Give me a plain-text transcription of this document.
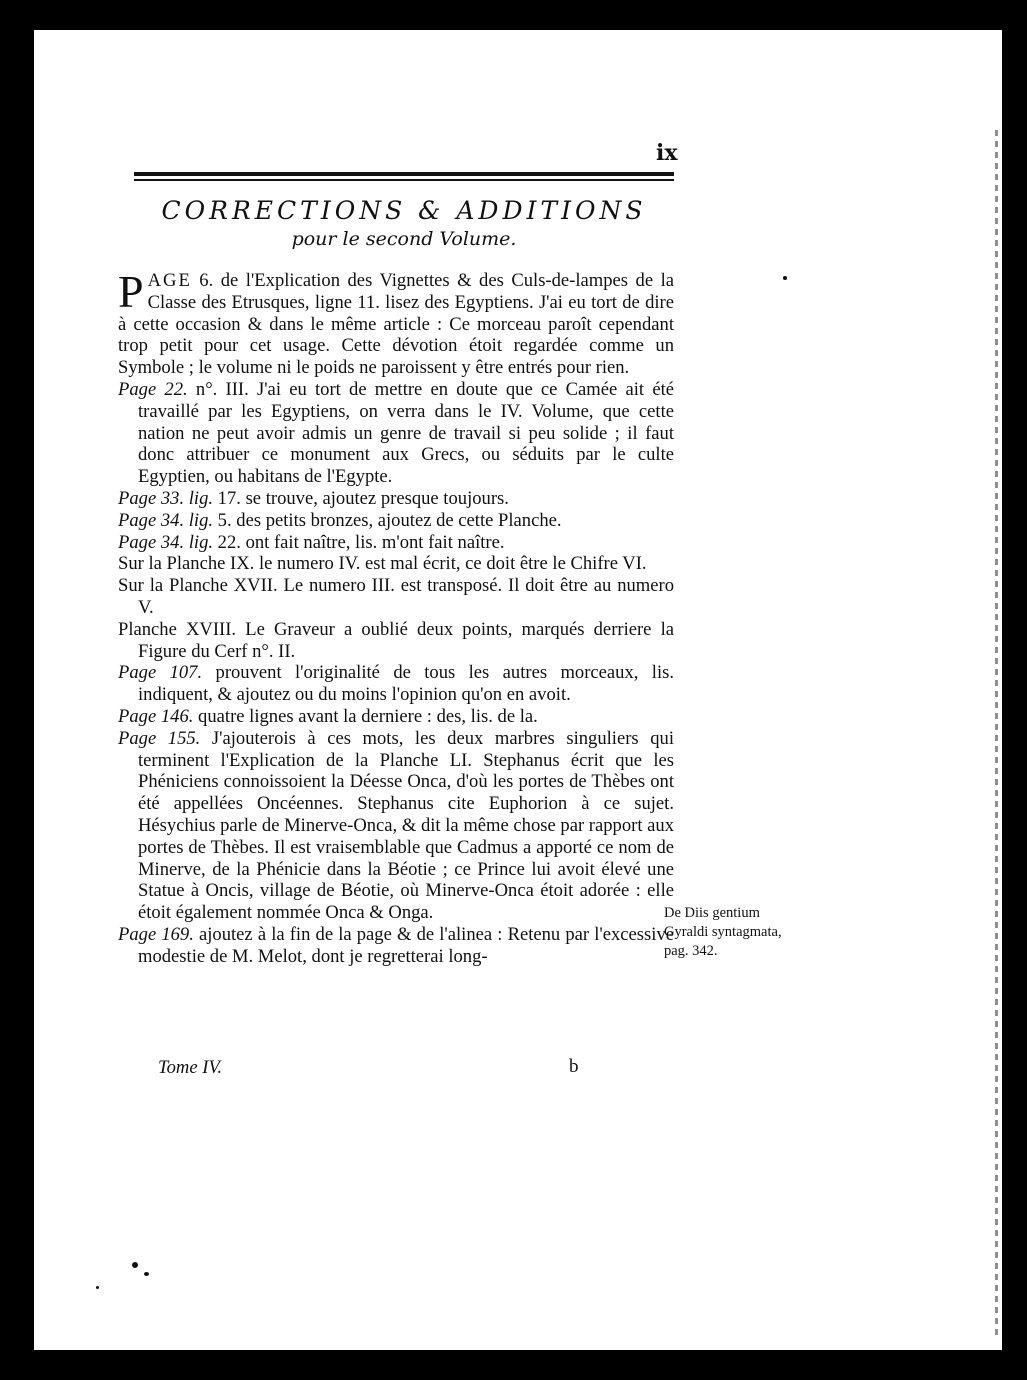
ix
CORRECTIONS & ADDITIONS
pour le second Volume.

PAGE 6. de l'Explication des Vignettes & des Culs-de-lampes de la Classe des Etrusques, ligne 11. lisez des Egyptiens. J'ai eu tort de dire à cette occasion & dans le même article : Ce morceau paroît cependant trop petit pour cet usage. Cette dévotion étoit regardée comme un Symbole ; le volume ni le poids ne paroissent y être entrés pour rien.

Page 22. n°. III. J'ai eu tort de mettre en doute que ce Camée ait été travaillé par les Egyptiens, on verra dans le IV. Volume, que cette nation ne peut avoir admis un genre de travail si peu solide ; il faut donc attribuer ce monument aux Grecs, ou séduits par le culte Egyptien, ou habitans de l'Egypte.

Page 33. lig. 17. se trouve, ajoutez presque toujours.

Page 34. lig. 5. des petits bronzes, ajoutez de cette Planche.

Page 34. lig. 22. ont fait naître, lis. m'ont fait naître.

Sur la Planche IX. le numero IV. est mal écrit, ce doit être le Chifre VI.

Sur la Planche XVII. Le numero III. est transposé. Il doit être au numero V.

Planche XVIII. Le Graveur a oublié deux points, marqués derriere la Figure du Cerf n°. II.

Page 107. prouvent l'originalité de tous les autres morceaux, lis. indiquent, & ajoutez ou du moins l'opinion qu'on en avoit.

Page 146. quatre lignes avant la derniere : des, lis. de la.

Page 155. J'ajouterois à ces mots, les deux marbres singuliers qui terminent l'Explication de la Planche LI. Stephanus écrit que les Phéniciens connoissoient la Déesse Onca, d'où les portes de Thèbes ont été appellées Oncéennes. Stephanus cite Euphorion à ce sujet. Hésychius parle de Minerve-Onca, & dit la même chose par rapport aux portes de Thèbes. Il est vraisemblable que Cadmus a apporté ce nom de Minerve, de la Phénicie dans la Béotie ; ce Prince lui avoit élevé une Statue à Oncis, village de Béotie, où Minerve-Onca étoit adorée : elle étoit également nommée Onca & Onga.

Page 169. ajoutez à la fin de la page & de l'alinea : Retenu par l'excessive modestie de M. Melot, dont je regretterai long-

De Diis gentium Gyraldi syntagmata, pag. 342.
Tome IV.	b
